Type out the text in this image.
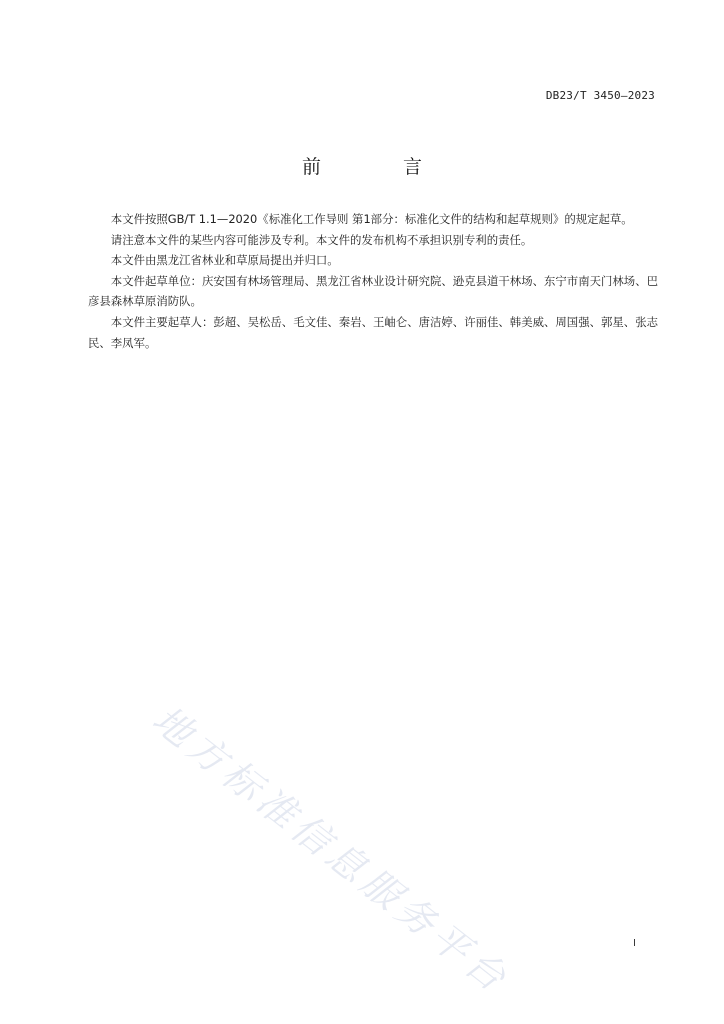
DB23/T 3450—2023
前 言

本文件按照GB/T 1.1—2020《标准化工作导则 第1部分：标准化文件的结构和起草规则》的规定起草。

请注意本文件的某些内容可能涉及专利。本文件的发布机构不承担识别专利的责任。

本文件由黑龙江省林业和草原局提出并归口。

本文件起草单位：庆安国有林场管理局、黑龙江省林业设计研究院、逊克县道干林场、东宁市南天门林场、巴彦县森林草原消防队。

本文件主要起草人：彭超、吴松岳、毛文佳、秦岩、王岫仑、唐洁婷、许丽佳、韩美威、周国强、郭星、张志民、李凤军。

地方标准信息服务平台	I
